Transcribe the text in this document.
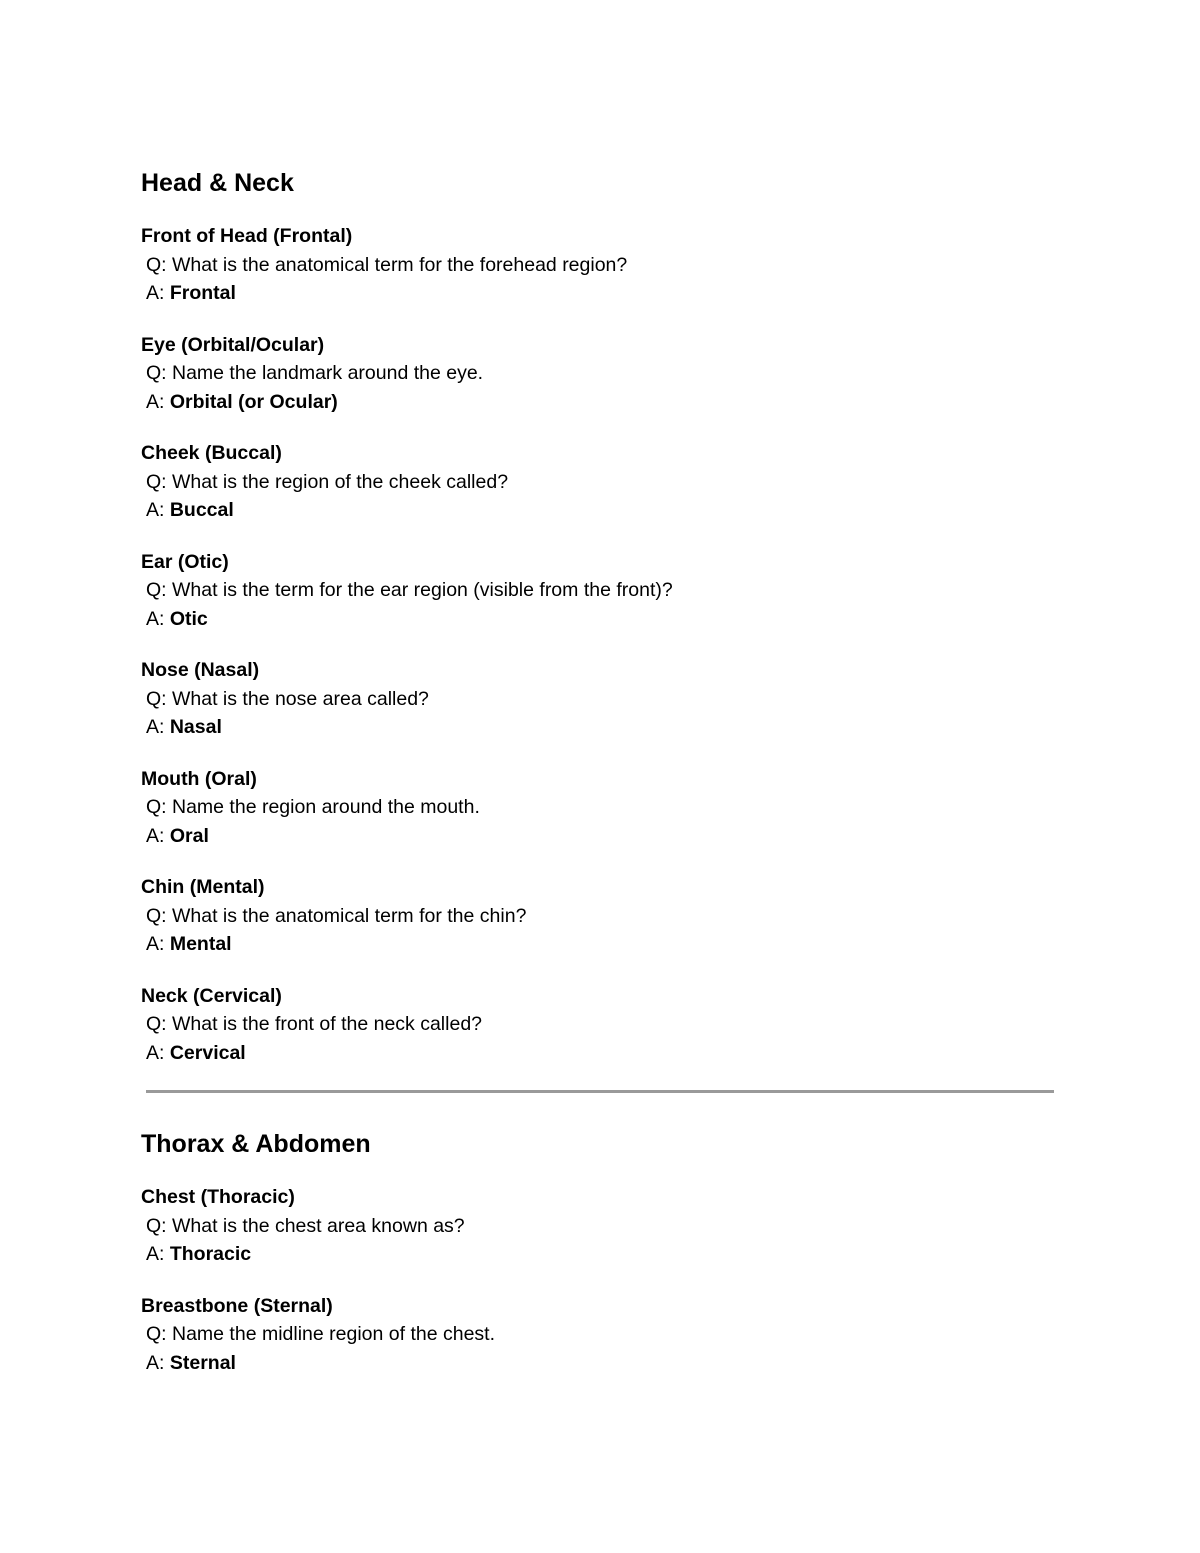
Head & Neck

Front of Head (Frontal)

Q: What is the anatomical term for the forehead region?

A: Frontal

Eye (Orbital/Ocular)

Q: Name the landmark around the eye.

A: Orbital (or Ocular)

Cheek (Buccal)

Q: What is the region of the cheek called?

A: Buccal

Ear (Otic)

Q: What is the term for the ear region (visible from the front)?

A: Otic

Nose (Nasal)

Q: What is the nose area called?

A: Nasal

Mouth (Oral)

Q: Name the region around the mouth.

A: Oral

Chin (Mental)

Q: What is the anatomical term for the chin?

A: Mental

Neck (Cervical)

Q: What is the front of the neck called?

A: Cervical

Thorax & Abdomen

Chest (Thoracic)

Q: What is the chest area known as?

A: Thoracic

Breastbone (Sternal)

Q: Name the midline region of the chest.

A: Sternal
